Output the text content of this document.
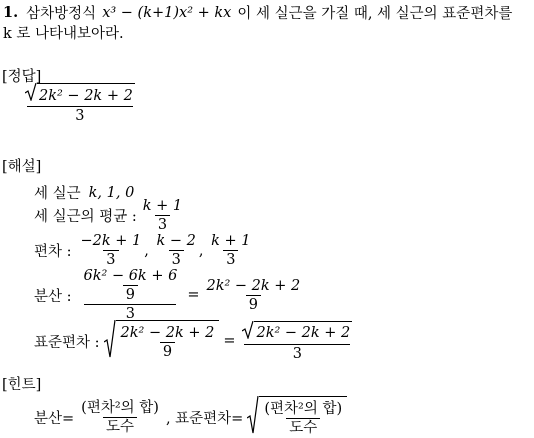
1. 삼차방정식 x³ − (k+1)x² + kx 이 세 실근을 가질 때, 세 실근의 표준편차를
k 로 나타내보아라.
[정답]
$\frac{\text{2k² − 2k + 2}}{3}$
[해설]
세 실근 k, 1, 0
세 실근의 평균 : $\frac{k + 1}{3}$
편차 : $\frac{-2k + 1}{3}$ , $\frac{k - 2}{3}$ , $\frac{k + 1}{3}$
분산 : $\frac{\frac{\text{6k² − 6k + 6}}{9}}{3} = \frac{\text{2k² − 2k + 2}}{9}$
표준편차 : $\frac{\text{2k² − 2k + 2}}{9} = \frac{\text{2k² − 2k + 2}}{3}$
[힌트]
분산= $\frac{\text{(편차²의 합)}}{\text{도수}}$ , 표준편차= $\frac{\text{(편차²의 합)}}{\text{도수}}$
